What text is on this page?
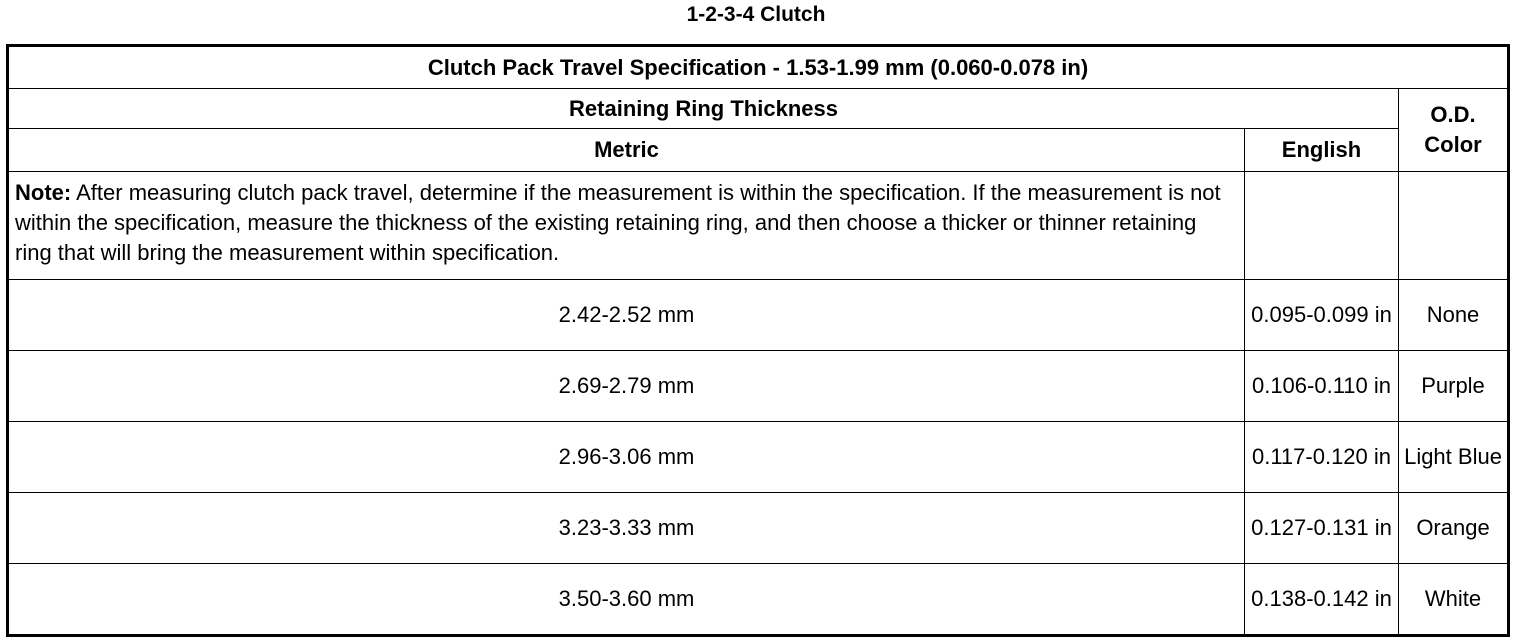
1-2-3-4 Clutch
Clutch Pack Travel Specification - 1.53-1.99 mm (0.060-0.078 in)		
Retaining Ring Thickness		O.D. Color
Metric	English	
Note: After measuring clutch pack travel, determine if the measurement is within the specification. If the measurement is not within the specification, measure the thickness of the existing retaining ring, and then choose a thicker or thinner retaining ring that will bring the measurement within specification.		
2.42-2.52 mm	0.095-0.099 in	None
2.69-2.79 mm	0.106-0.110 in	Purple
2.96-3.06 mm	0.117-0.120 in	Light Blue
3.23-3.33 mm	0.127-0.131 in	Orange
3.50-3.60 mm	0.138-0.142 in	White
